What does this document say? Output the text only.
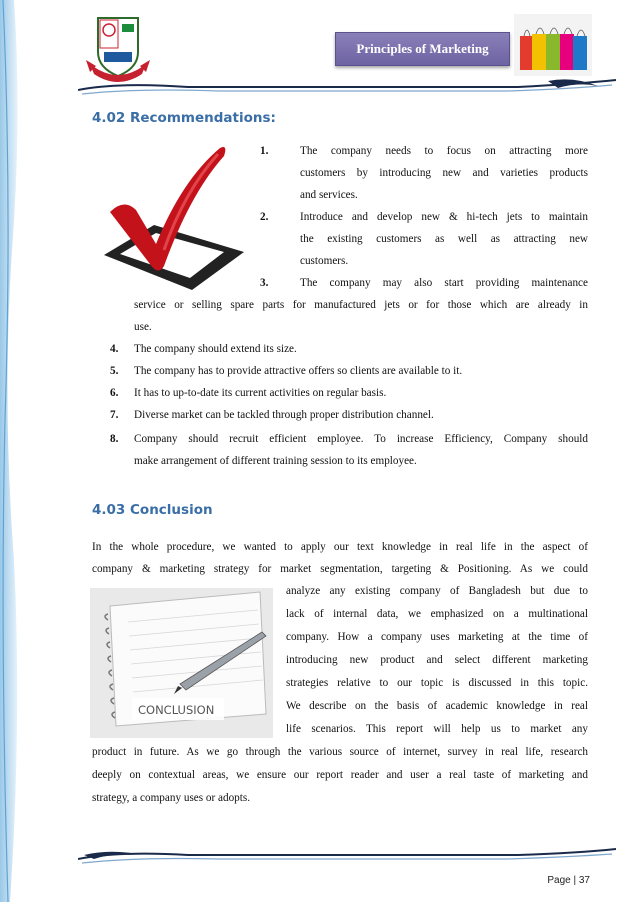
Principles of Marketing
4.02 Recommendations:
1.	The company needs to focus on attracting more
customers by introducing new and varieties products
and services.
2.	Introduce and develop new & hi-tech jets to maintain
the existing customers as well as attracting new
customers.
3.	The company may also start providing maintenance
service or selling spare parts for manufactured jets or for those which are already in
use.
4. The company should extend its size.
5. The company has to provide attractive offers so clients are available to it.
6. It has to up-to-date its current activities on regular basis.
7. Diverse market can be tackled through proper distribution channel.
8. Company should recruit efficient employee. To increase Efficiency, Company should
make arrangement of different training session to its employee.
4.03 Conclusion
In the whole procedure, we wanted to apply our text knowledge in real life in the aspect of
company & marketing strategy for market segmentation, targeting & Positioning. As we could
analyze any existing company of Bangladesh but due to
lack of internal data, we emphasized on a multinational
company. How a company uses marketing at the time of
introducing new product and select different marketing
strategies relative to our topic is discussed in this topic.
We describe on the basis of academic knowledge in real
life scenarios. This report will help us to market any
product in future. As we go through the various source of internet, survey in real life, research
deeply on contextual areas, we ensure our report reader and user a real taste of marketing and
strategy, a company uses or adopts.
CONCLUSION
Page | 37
